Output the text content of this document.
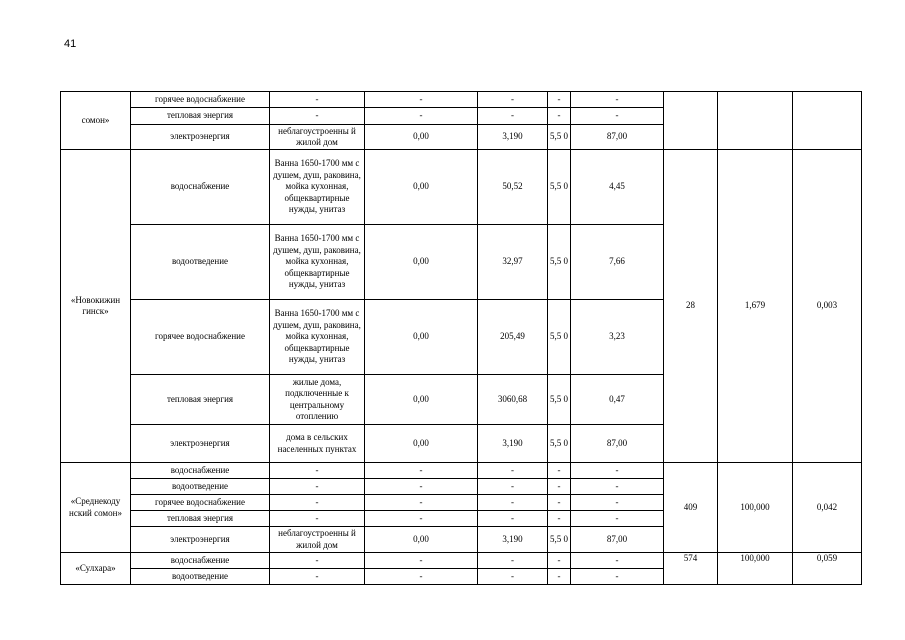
41
сомон»	горячее водоснабжение	-	-	-	-	-			
	тепловая энергия	-	-	-	-	-			
	электроэнергия	неблагоустроенны й жилой дом	0,00	3,190	5,5 0	87,00			
«Новокижин гинск»	водоснабжение	Ванна 1650-1700 мм с душем, душ, раковина, мойка кухонная, общеквартирные нужды, унитаз	0,00	50,52	5,5 0	4,45	28	1,679	0,003
	водоотведение	Ванна 1650-1700 мм с душем, душ, раковина, мойка кухонная, общеквартирные нужды, унитаз	0,00	32,97	5,5 0	7,66			
	горячее водоснабжение	Ванна 1650-1700 мм с душем, душ, раковина, мойка кухонная, общеквартирные нужды, унитаз	0,00	205,49	5,5 0	3,23			
	тепловая энергия	жилые дома, подключенные к центральному отоплению	0,00	3060,68	5,5 0	0,47			
	электроэнергия	дома в сельских населенных пунктах	0,00	3,190	5,5 0	87,00			
«Среднекоду нский сомон»	водоснабжение	-	-	-	-	-	409	100,000	0,042
	водоотведение	-	-	-	-	-			
	горячее водоснабжение	-	-	-	-	-			
	тепловая энергия	-	-	-	-	-			
	электроэнергия	неблагоустроенны й жилой дом	0,00	3,190	5,5 0	87,00			
«Сулхара»	водоснабжение	-	-	-	-	-	574	100,000	0,059
	водоотведение	-	-	-	-	-			
